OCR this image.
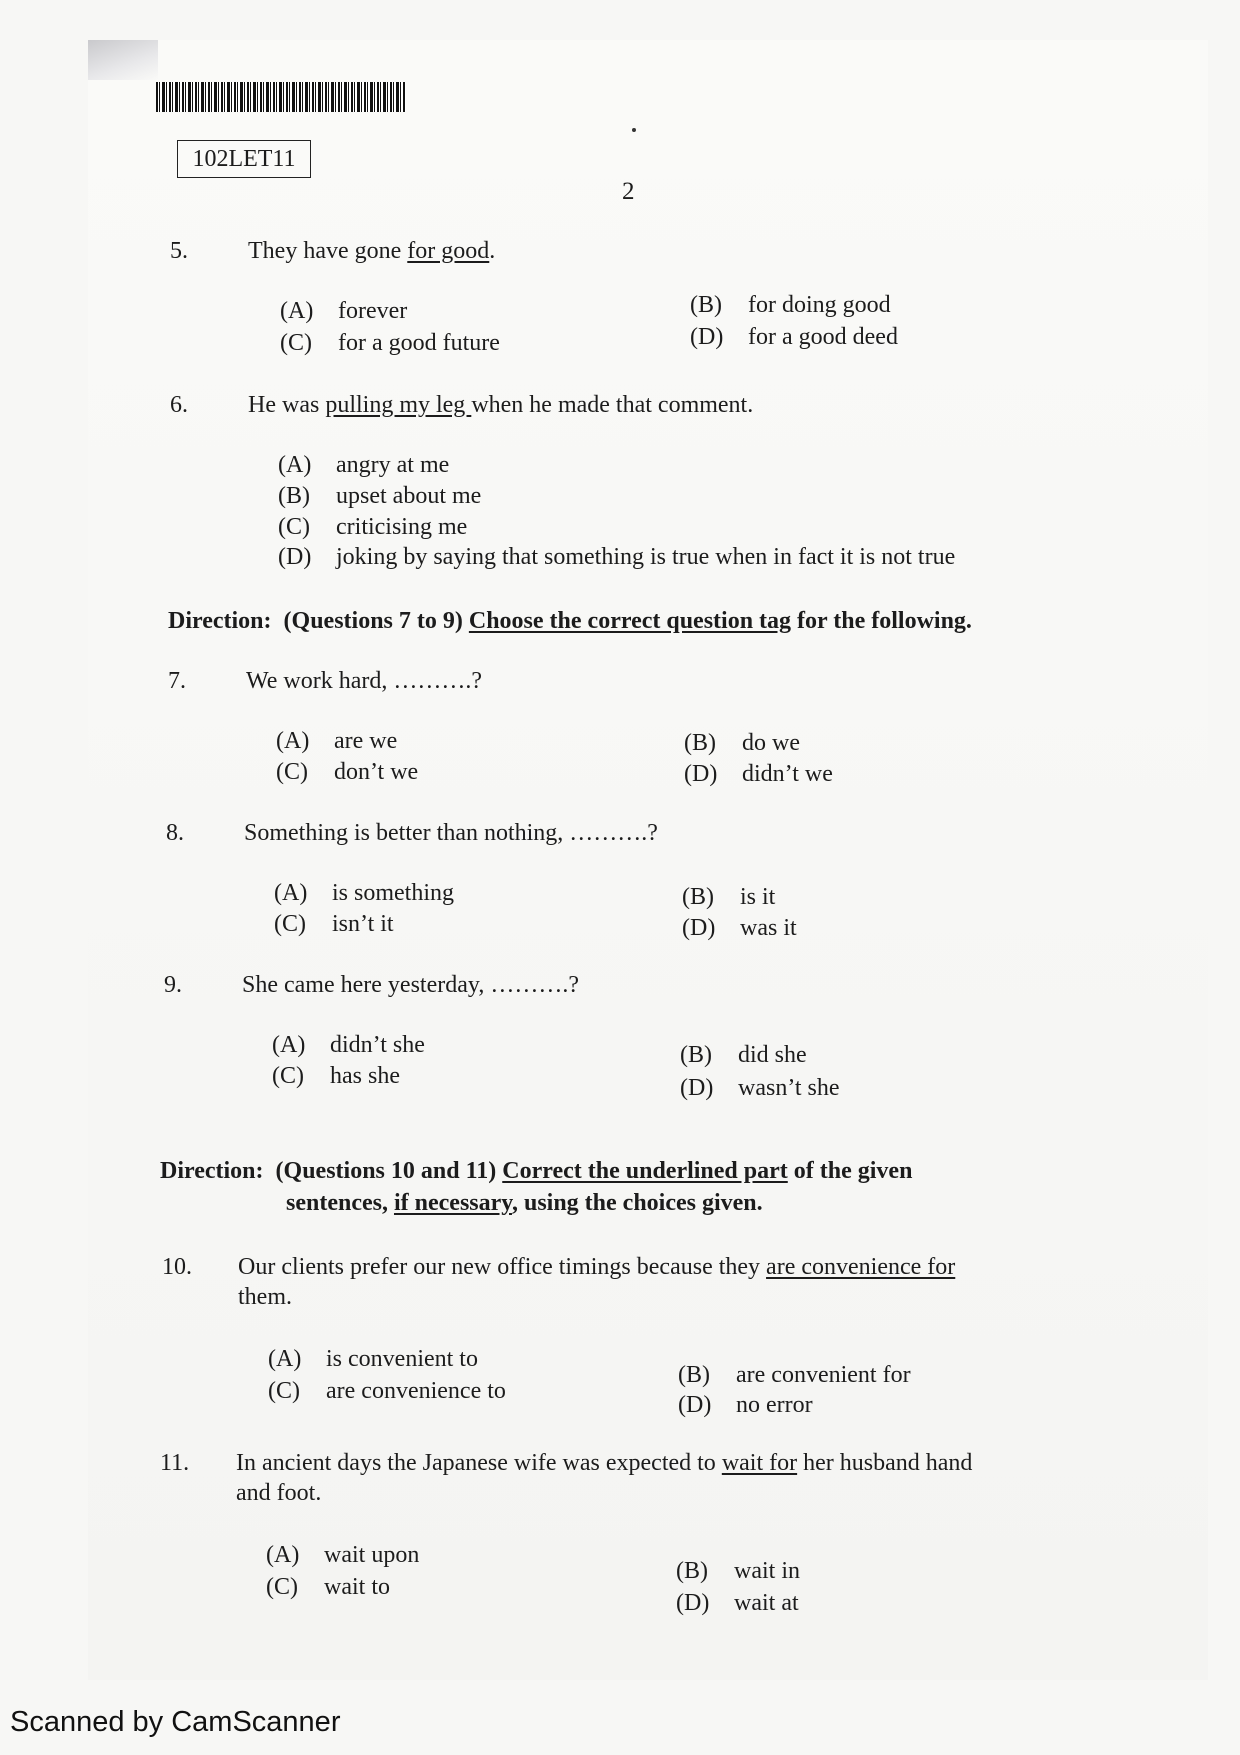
102LET11
2
5.	They have gone for good.
(A) forever	(B) for doing good
(C) for a good future	(D) for a good deed
6.	He was pulling my leg when he made that comment.
(A) angry at me
(B) upset about me
(C) criticising me
(D) joking by saying that something is true when in fact it is not true
Direction: (Questions 7 to 9) Choose the correct question tag for the following.
7.	We work hard, ……….?
(A) are we	(B) do we
(C) don’t we	(D) didn’t we
8.	Something is better than nothing, ……….?
(A) is something	(B) is it
(C) isn’t it	(D) was it
9.	She came here yesterday, ……….?
(A) didn’t she	(B) did she
(C) has she	(D) wasn’t she
Direction: (Questions 10 and 11) Correct the underlined part of the given
sentences, if necessary, using the choices given.
10. Our clients prefer our new office timings because they are convenience for
them.
(A) is convenient to
(B) are convenient for
(C) are convenience to
(D) no error
11. In ancient days the Japanese wife was expected to wait for her husband hand
and foot.
(A) wait upon
(B) wait in
(C) wait to
(D) wait at
Scanned by CamScanner
